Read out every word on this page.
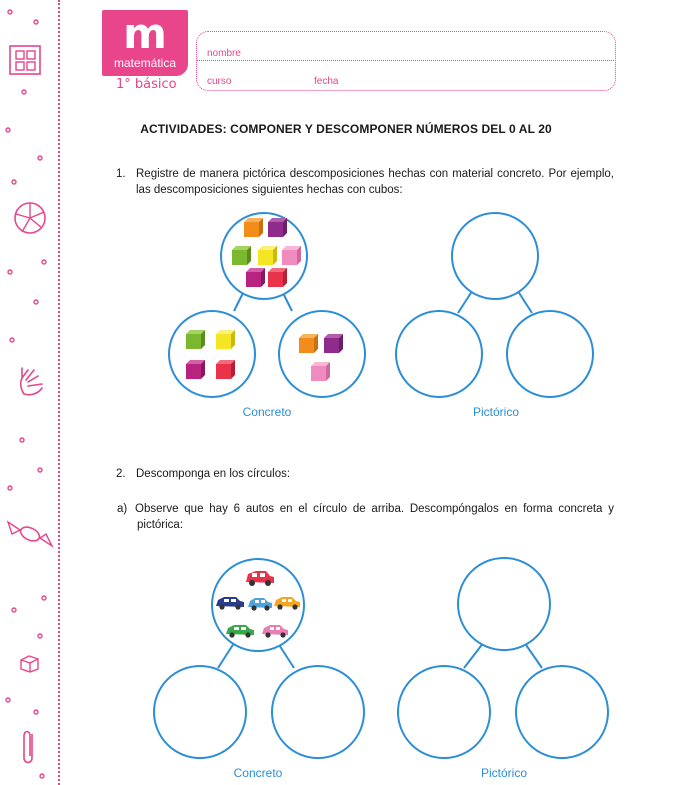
m
matemática
1° básico
nombre
curso	fecha
ACTIVIDADES: COMPONER Y DESCOMPONER NÚMEROS DEL 0 AL 20
1. Registre de manera pictórica descomposiciones hechas con material concreto. Por ejemplo,
las descomposiciones siguientes hechas con cubos:
Concreto	Pictórico
2. Descomponga en los círculos:
a) Observe que hay 6 autos en el círculo de arriba. Descompóngalos en forma concreta y
pictórica:
Concreto	Pictórico
